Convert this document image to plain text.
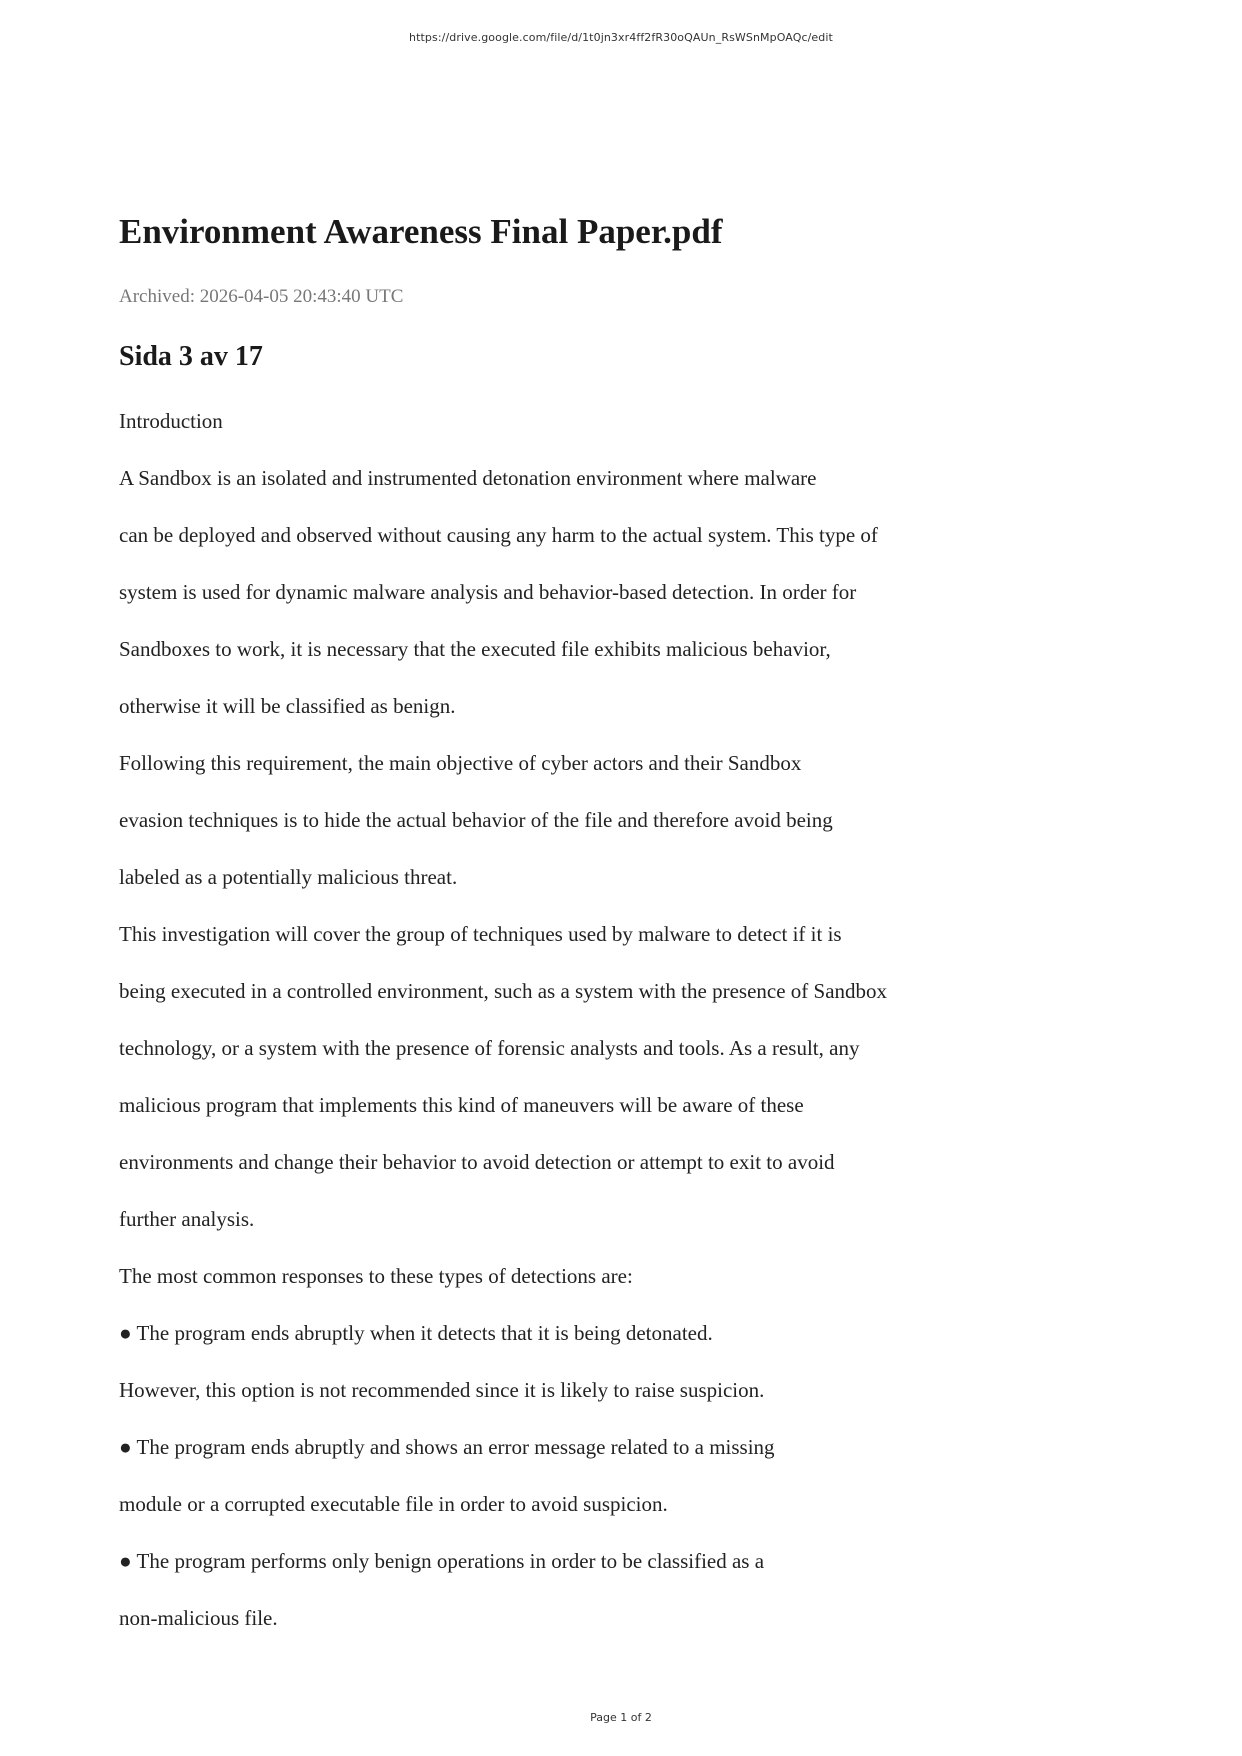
https://drive.google.com/file/d/1t0jn3xr4ff2fR30oQAUn_RsWSnMpOAQc/edit
Environment Awareness Final Paper.pdf
Archived: 2026-04-05 20:43:40 UTC
Sida 3 av 17
Introduction
A Sandbox is an isolated and instrumented detonation environment where malware
can be deployed and observed without causing any harm to the actual system. This type of
system is used for dynamic malware analysis and behavior-based detection. In order for
Sandboxes to work, it is necessary that the executed file exhibits malicious behavior,
otherwise it will be classified as benign.
Following this requirement, the main objective of cyber actors and their Sandbox
evasion techniques is to hide the actual behavior of the file and therefore avoid being
labeled as a potentially malicious threat.
This investigation will cover the group of techniques used by malware to detect if it is
being executed in a controlled environment, such as a system with the presence of Sandbox
technology, or a system with the presence of forensic analysts and tools. As a result, any
malicious program that implements this kind of maneuvers will be aware of these
environments and change their behavior to avoid detection or attempt to exit to avoid
further analysis.
The most common responses to these types of detections are:
● The program ends abruptly when it detects that it is being detonated.
However, this option is not recommended since it is likely to raise suspicion.
● The program ends abruptly and shows an error message related to a missing
module or a corrupted executable file in order to avoid suspicion.
● The program performs only benign operations in order to be classified as a
non-malicious file.
Page 1 of 2
